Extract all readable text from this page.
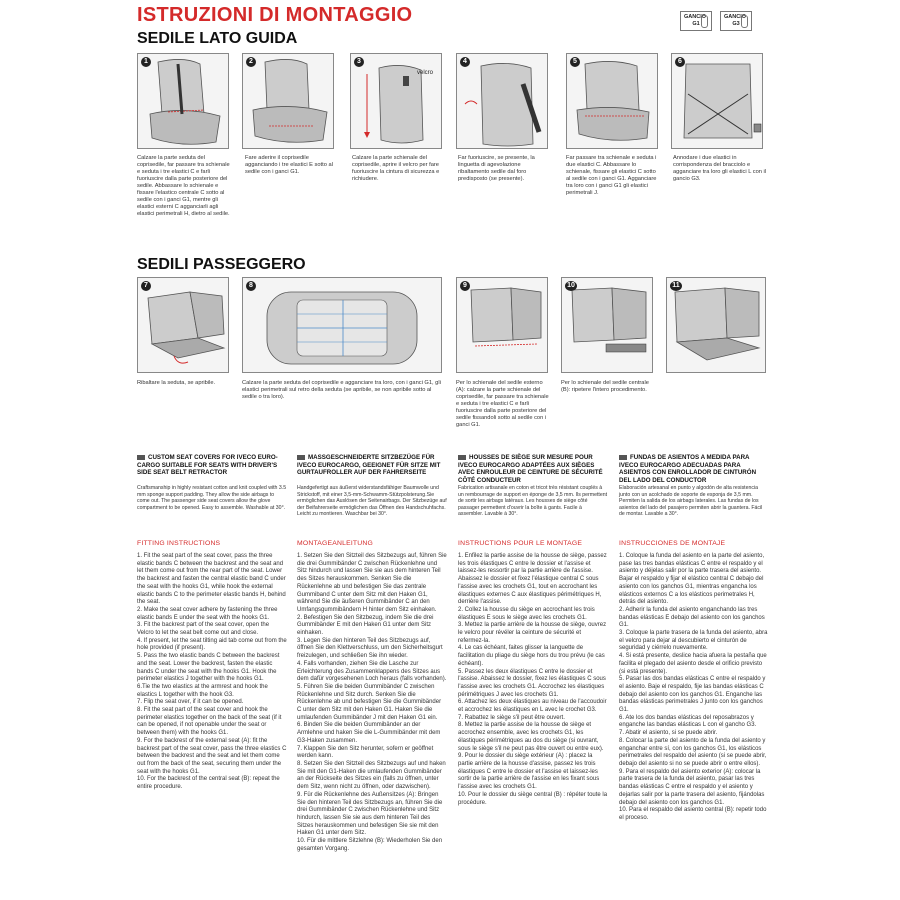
ISTRUZIONI DI MONTAGGIO
SEDILE LATO GUIDA
GANCIO
G1
GANCIO
G3
1	2	3
velcro
4	5	6
Calzare la parte seduta del coprisedile, far passare tra schienale e seduta i tre elastici C e farli fuoriuscire dalla parte posteriore del sedile. Abbassare lo schienale e fissare l'elastico centrale C sotto al sedile con i ganci G1, mentre gli elastici esterni C agganciarli agli elastici perimetrali H, dietro al sedile.
Fare aderire il coprisedile agganciando i tre elastici E sotto al sedile con i ganci G1.
Calzare la parte schienale del coprisedile, aprire il velcro per fare fuoriuscire la cintura di sicurezza e richiudere.
Far fuoriuscire, se presente, la linguetta di agevolazione ribaltamento sedile dal foro predisposto (se presente).
Far passare tra schienale e seduta i due elastici C. Abbassare lo schienale, fissare gli elastici C sotto al sedile con i ganci G1. Agganciare tra loro con i ganci G1 gli elastici perimetrali J.
Annodare i due elastici in corrispondenza del bracciolo e agganciare tra loro gli elastici L con il gancio G3.
SEDILI PASSEGGERO
7	8	9	10	11
Ribaltare la seduta, se apribile.	Calzare la parte seduta del coprisedile e agganciare tra loro, con i ganci G1, gli elastici perimetrali sul retro della seduta (se apribile, se non apribile sotto al sedile o tra loro).
Per lo schienale del sedile esterno (A): calzare la parte schienale del coprisedile, far passare tra schienale e seduta i tre elastici C e farli fuoriuscire dalla parte posteriore del sedile fissandoli sotto al sedile con i ganci G1.
Per lo schienale del sedile centrale (B): ripetere l'intero procedimento.
CUSTOM SEAT COVERS FOR IVECO EURO-CARGO SUITABLE FOR SEATS WITH DRIVER'S SIDE SEAT BELT RETRACTOR
MASSGESCHNEIDERTE SITZBEZÜGE FÜR IVECO EUROCARGO, GEEIGNET FÜR SITZE MIT GURTAUFROLLER AUF DER FAHRERSEITE
HOUSSES DE SIÈGE SUR MESURE POUR IVECO EUROCARGO ADAPTÉES AUX SIÈGES AVEC ENROULEUR DE CEINTURE DE SÉCURITÉ CÔTÉ CONDUCTEUR
FUNDAS DE ASIENTOS A MEDIDA PARA IVECO EUROCARGO ADECUADAS PARA ASIENTOS CON ENROLLADOR DE CINTURÓN DEL LADO DEL CONDUCTOR
Craftsmanship in highly resistant cotton and knit coupled with 3.5 mm sponge support padding. They allow the side airbags to come out. The passenger side seat covers allow the glove compartment to be opened. Easy to assemble. Washable at 30°.
Handgefertigt aus äußerst widerstandsfähiger Baumwolle und Strickstoff, mit einer 3,5-mm-Schwamm-Stützpolsterung.Sie ermöglichen das Auslösen der Seitenairbags. Der Sitzbezüge auf der Beifahrerseite ermöglichen das Öffnen des Handschuhfachs. Leicht zu montieren. Waschbar bei 30°.
Fabrication artisanale en coton et tricot très résistant couplés à un rembourrage de support en éponge de 3,5 mm. Ils permettent de sortir les airbags latéraux. Les housses de siège côté passager permettent d'ouvrir la boîte à gants. Facile à assembler. Lavable à 30°.
Elaboración artesanal en punto y algodón de alta resistencia junto con un acolchado de soporte de esponja de 3,5 mm. Permiten la salida de los airbags laterales. Las fundas de los asientos del lado del pasajero permiten abrir la guantera. Fácil de montar. Lavable a 30°.
FITTING INSTRUCTIONS	MONTAGEANLEITUNG	INSTRUCTIONS POUR LE MONTAGE	INSTRUCCIONES DE MONTAJE
1. Fit the seat part of the seat cover, pass the three elastic bands C between the backrest and the seat and let them come out from the rear part of the seat. Lower the backrest and fasten the central elastic band C under the seat with the hooks G1, while hook the external elastic bands C to the perimeter elastic bands H, behind the seat.
2. Make the seat cover adhere by fastening the three elastic bands E under the seat with the hooks G1.
3. Fit the backrest part of the seat cover, open the Velcro to let the seat belt come out and close.
4. If present, let the seat tilting aid tab come out from the hole provided (if present).
5. Pass the two elastic bands C between the backrest and the seat. Lower the backrest, fasten the elastic bands C under the seat with the hooks G1. Hook the perimeter elastics J together with the hooks G1.
6.Tie the two elastics at the armrest and hook the elastics L together with the hook G3.
7. Flip the seat over, if it can be opened.
8. Fit the seat part of the seat cover and hook the perimeter elastics together on the back of the seat (if it can be opened, if not openable under the seat or between them) with the hooks G1.
9. For the backrest of the external seat (A): fit the backrest part of the seat cover, pass the three elastics C between the backrest and the seat and let them come out from the back of the seat, securing them under the seat with the hooks G1.
10. For the backrest of the central seat (B): repeat the entire procedure.
1. Setzen Sie den Sitzteil des Sitzbezugs auf, führen Sie die drei Gummibänder C zwischen Rückenlehne und Sitz hindurch und lassen Sie sie aus dem hinteren Teil des Sitzes herauskommen. Senken Sie die Rückenlehne ab und befestigen Sie das zentrale Gummiband C unter dem Sitz mit den Haken G1, während Sie die äußeren Gummibänder C an den Umfangsgummibändern H hinter dem Sitz einhaken.
2. Befestigen Sie den Sitzbezug, indem Sie die drei Gummibänder E mit den Haken G1 unter dem Sitz einhaken.
3. Legen Sie den hinteren Teil des Sitzbezugs auf, öffnen Sie den Klettverschluss, um den Sicherheitsgurt freizulegen, und schließen Sie ihn wieder.
4. Falls vorhanden, ziehen Sie die Lasche zur Erleichterung des Zusammenklappens des Sitzes aus dem dafür vorgesehenen Loch heraus (falls vorhanden).
5. Führen Sie die beiden Gummibänder C zwischen Rückenlehne und Sitz durch. Senken Sie die Rückenlehne ab und befestigen Sie die Gummibänder C unter dem Sitz mit den Haken G1. Haken Sie die umlaufenden Gummibänder J mit den Haken G1 ein.
6. Binden Sie die beiden Gummibänder an der Armlehne und haken Sie die L-Gummibänder mit dem G3-Haken zusammen.
7. Klappen Sie den Sitz herunter, sofern er geöffnet werden kann.
8. Setzen Sie den Sitzteil des Sitzbezugs auf und haken Sie mit den G1-Haken die umlaufenden Gummibänder an der Rückseite des Sitzes ein (falls zu öffnen, unter dem Sitz, wenn nicht zu öffnen, oder dazwischen).
9. Für die Rückenlehne des Außensitzes (A): Bringen Sie den hinteren Teil des Sitzbezugs an, führen Sie die drei Gummibänder C zwischen Rückenlehne und Sitz hindurch, lassen Sie sie aus dem hinteren Teil des Sitzes herauskommen und befestigen Sie sie mit den Haken G1 unter dem Sitz.
10. Für die mittlere Sitzlehne (B): Wiederholen Sie den gesamten Vorgang.
1. Enfilez la partie assise de la housse de siège, passez les trois élastiques C entre le dossier et l'assise et laissez-les ressortir par la partie arrière de l'assise. Abaissez le dossier et fixez l'élastique central C sous l'assise avec les crochets G1, tout en accrochant les élastiques externes C aux élastiques périmétriques H, derrière l'assise.
2. Collez la housse du siège en accrochant les trois élastiques E sous le siège avec les crochets G1.
3. Mettez la partie arrière de la housse de siège, ouvrez le velcro pour révéler la ceinture de sécurité et refermez-la.
4. Le cas échéant, faites glisser la languette de facilitation du pliage du siège hors du trou prévu (le cas échéant).
5. Passez les deux élastiques C entre le dossier et l'assise. Abaissez le dossier, fixez les élastiques C sous l'assise avec les crochets G1. Accrochez les élastiques périmétriques J avec les crochets G1.
6. Attachez les deux élastiques au niveau de l'accoudoir et accrochez les élastiques en L avec le crochet G3.
7. Rabattez le siège s'il peut être ouvert.
8. Mettez la partie assise de la housse de siège et accrochez ensemble, avec les crochets G1, les élastiques périmétriques au dos du siège (si ouvrant, sous le siège s'il ne peut pas être ouvert ou entre eux).
9. Pour le dossier du siège extérieur (A) : placez la partie arrière de la housse d'assise, passez les trois élastiques C entre le dossier et l'assise et laissez-les sortir de la partie arrière de l'assise en les fixant sous l'assise avec les crochets G1.
10. Pour le dossier du siège central (B) : répéter toute la procédure.
1. Coloque la funda del asiento en la parte del asiento, pase las tres bandas elásticas C entre el respaldo y el asiento y déjelas salir por la parte trasera del asiento. Bajar el respaldo y fijar el elástico central C debajo del asiento con los ganchos G1, mientras engancha los elásticos externos C a los elásticos perimetrales H, detrás del asiento.
2. Adherir la funda del asiento enganchando las tres bandas elásticas E debajo del asiento con los ganchos G1.
3. Coloque la parte trasera de la funda del asiento, abra el velcro para dejar al descubierto el cinturón de seguridad y ciérrelo nuevamente.
4. Si está presente, deslice hacia afuera la pestaña que facilita el plegado del asiento desde el orificio previsto (si está presente).
5. Pasar las dos bandas elásticas C entre el respaldo y el asiento. Baje el respaldo, fije las bandas elásticas C debajo del asiento con los ganchos G1. Enganche las bandas elásticas perimetrales J junto con los ganchos G1.
6. Ate los dos bandas elásticas del reposabrazos y enganche las bandas elásticas L con el gancho G3.
7. Abatir el asiento, si se puede abrir.
8. Colocar la parte del asiento de la funda del asiento y enganchar entre sí, con los ganchos G1, los elásticos perimetrales del respaldo del asiento (si se puede abrir, debajo del asiento si no se puede abrir o entre ellos).
9. Para el respaldo del asiento exterior (A): colocar la parte trasera de la funda del asiento, pasar las tres bandas elásticas C entre el respaldo y el asiento y dejarlas salir por la parte trasera del asiento, fijándolas debajo del asiento con los ganchos G1.
10. Para el respaldo del asiento central (B): repetir todo el proceso.
